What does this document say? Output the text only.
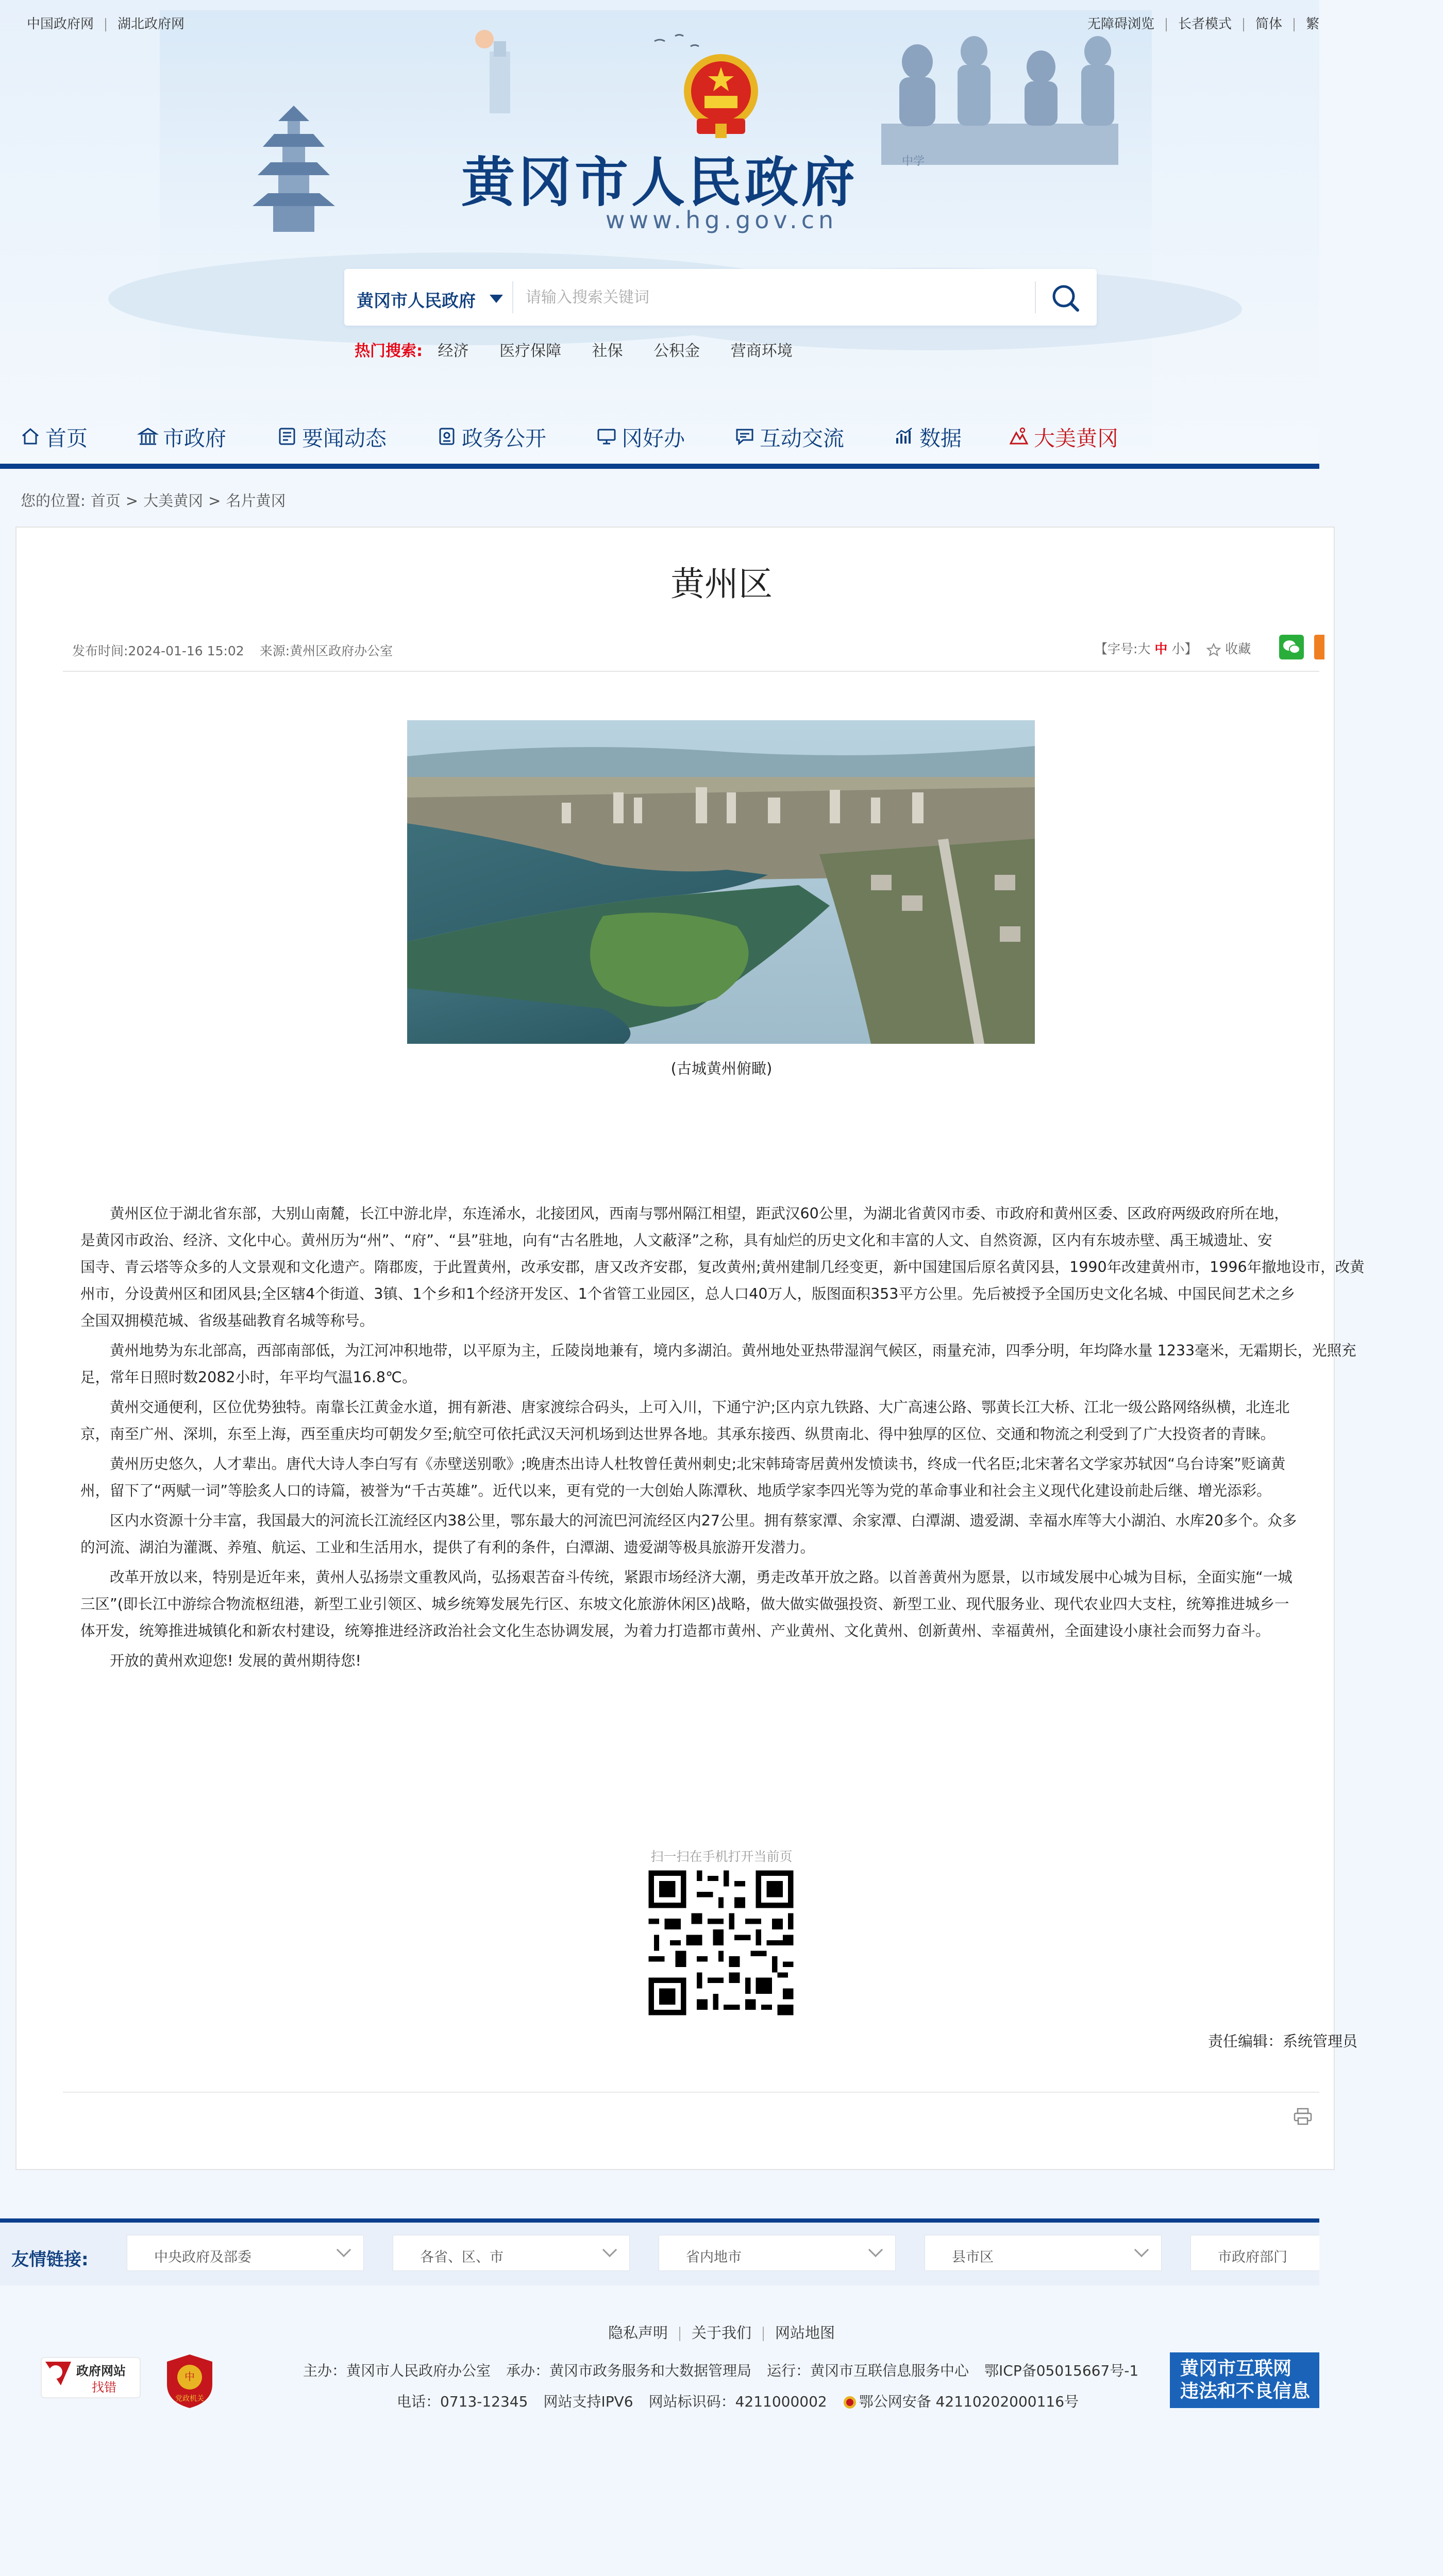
中学
中国政府网 湖北政府网	无障碍浏览 长者模式 简体 繁
黄冈市人民政府
www.hg.gov.cn
黄冈市人民政府
请输入搜索关键词
热门搜索: 经济 医疗保障 社保 公积金 营商环境
首页	市政府	要闻动态	政务公开	冈好办	互动交流	数据	大美黄冈
您的位置: 首页 > 大美黄冈 > 名片黄冈
黄州区
发布时间:2024-01-16 15:02 来源:黄州区政府办公室	【字号:大 中 小】 收藏
(古城黄州俯瞰)

黄州区位于湖北省东部，大别山南麓，长江中游北岸，东连浠水，北接团风，西南与鄂州隔江相望，距武汉60公里，为湖北省黄冈市委、市政府和黄州区委、区政府两级政府所在地，
是黄冈市政治、经济、文化中心。黄州历为“州”、“府”、“县”驻地，向有“古名胜地，人文蔽泽”之称，具有灿烂的历史文化和丰富的人文、自然资源，区内有东坡赤壁、禹王城遗址、安
国寺、青云塔等众多的人文景观和文化遗产。隋郡废，于此置黄州，改承安郡，唐又改齐安郡，复改黄州;黄州建制几经变更，新中国建国后原名黄冈县，1990年改建黄州市，1996年撤地设市，改黄
州市，分设黄州区和团风县;全区辖4个街道、3镇、1个乡和1个经济开发区、1个省管工业园区，总人口40万人，版图面积353平方公里。先后被授予全国历史文化名城、中国民间艺术之乡
全国双拥模范城、省级基础教育名城等称号。

黄州地势为东北部高，西部南部低，为江河冲积地带，以平原为主，丘陵岗地兼有，境内多湖泊。黄州地处亚热带湿润气候区，雨量充沛，四季分明，年均降水量 1233毫米，无霜期长，光照充
足，常年日照时数2082小时，年平均气温16.8℃。

黄州交通便利，区位优势独特。南靠长江黄金水道，拥有新港、唐家渡综合码头，上可入川，下通宁沪;区内京九铁路、大广高速公路、鄂黄长江大桥、江北一级公路网络纵横，北连北
京，南至广州、深圳，东至上海，西至重庆均可朝发夕至;航空可依托武汉天河机场到达世界各地。其承东接西、纵贯南北、得中独厚的区位、交通和物流之利受到了广大投资者的青睐。

黄州历史悠久，人才辈出。唐代大诗人李白写有《赤壁送别歌》;晚唐杰出诗人杜牧曾任黄州刺史;北宋韩琦寄居黄州发愤读书，终成一代名臣;北宋著名文学家苏轼因“乌台诗案”贬谪黄
州，留下了“两赋一词”等脍炙人口的诗篇，被誉为“千古英雄”。近代以来，更有党的一大创始人陈潭秋、地质学家李四光等为党的革命事业和社会主义现代化建设前赴后继、增光添彩。

区内水资源十分丰富，我国最大的河流长江流经区内38公里，鄂东最大的河流巴河流经区内27公里。拥有蔡家潭、余家潭、白潭湖、遗爱湖、幸福水库等大小湖泊、水库20多个。众多
的河流、湖泊为灌溉、养殖、航运、工业和生活用水，提供了有利的条件，白潭湖、遗爱湖等极具旅游开发潜力。

改革开放以来，特别是近年来，黄州人弘扬崇文重教风尚，弘扬艰苦奋斗传统，紧跟市场经济大潮，勇走改革开放之路。以首善黄州为愿景，以市域发展中心城为目标，全面实施“一城
三区”(即长江中游综合物流枢纽港，新型工业引领区、城乡统筹发展先行区、东坡文化旅游休闲区)战略，做大做实做强投资、新型工业、现代服务业、现代农业四大支柱，统筹推进城乡一
体开发，统筹推进城镇化和新农村建设，统筹推进经济政治社会文化生态协调发展，为着力打造都市黄州、产业黄州、文化黄州、创新黄州、幸福黄州，全面建设小康社会而努力奋斗。

开放的黄州欢迎您! 发展的黄州期待您!

扫一扫在手机打开当前页
责任编辑：系统管理员
友情链接:	中央政府及部委	各省、区、市	省内地市	县市区	市政府部门
隐私声明 关于我们 网站地图
政府网站
找错
中
党政机关
主办：黄冈市人民政府办公室 承办：黄冈市政务服务和大数据管理局 运行：黄冈市互联信息服务中心 鄂ICP备05015667号-1
电话：0713-12345 网站支持IPV6 网站标识码：4211000002 鄂公网安备 42110202000116号
黄冈市互联网
违法和不良信息
